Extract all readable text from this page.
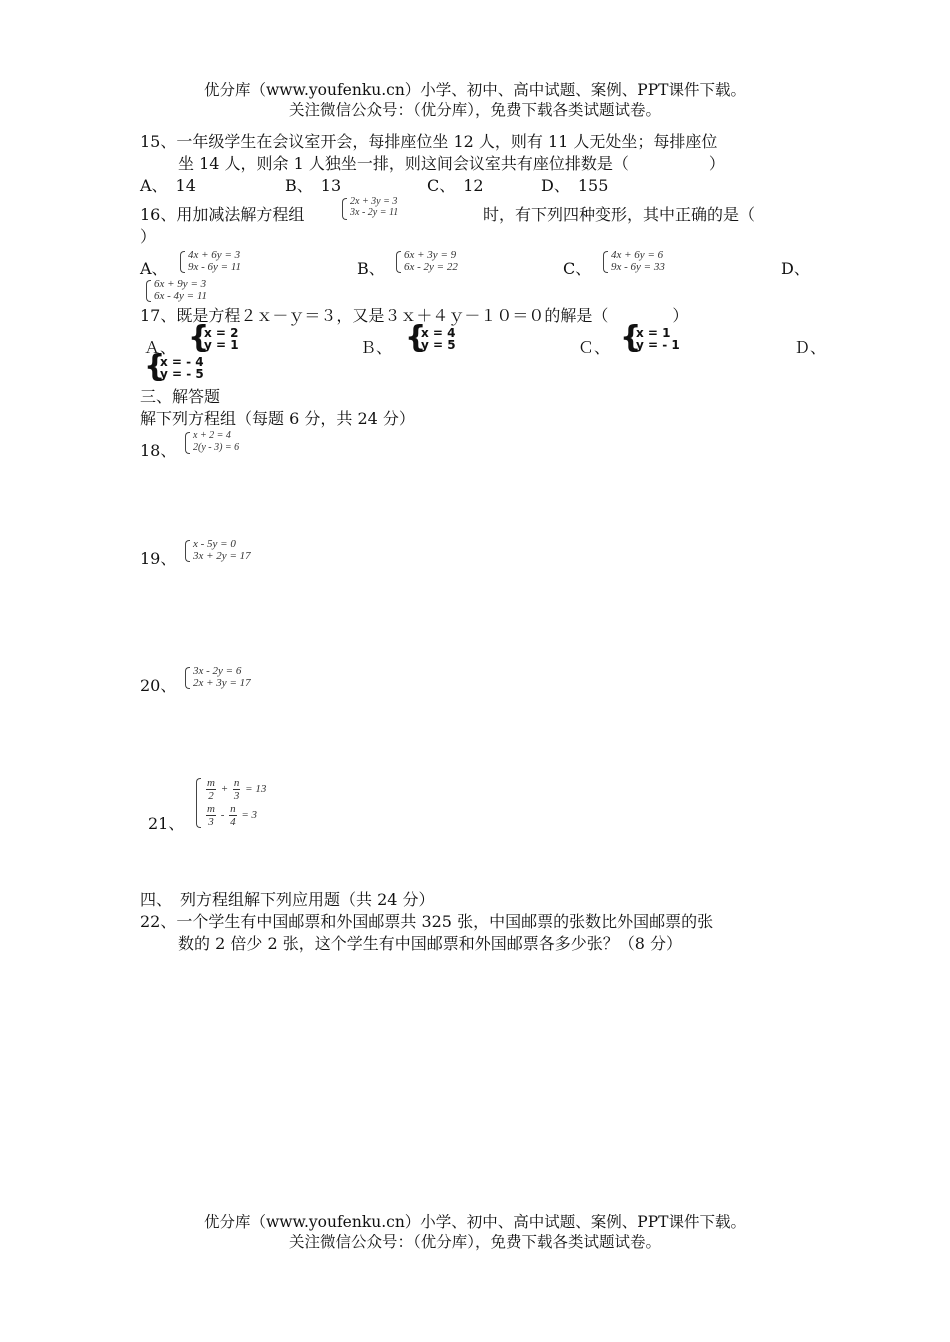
优分库（www.youfenku.cn）小学、初中、高中试题、案例、PPT课件下载。
关注微信公众号：（优分库），免费下载各类试题试卷。
15、一年级学生在会议室开会，每排座位坐 12 人，则有 11 人无处坐；每排座位
坐 14 人，则余 1 人独坐一排，则这间会议室共有座位排数是（　　　　　）
A、　14	B、　13	C、　12	D、　155
16、用加减法解方程组
2x + 3y = 3
3x - 2y = 11	时，有下列四种变形，其中正确的是（
）
A、
4x + 6y = 3
9x - 6y = 11	B、
6x + 3y = 9
6x - 2y = 22	C、
4x + 6y = 6
9x - 6y = 33	D、
6x + 9y = 3
6x - 4y = 11
17、既是方程２ｘ－ｙ＝３，又是３ｘ＋４ｙ－１０＝０的解是（　　　　）
Ａ、 {
x = 2
y = 1	Ｂ、 {
x = 4
y = 5	Ｃ、 {
x = 1
y = - 1	Ｄ、
{
x = - 4
y = - 5
三、解答题
解下列方程组（每题 6 分，共 24 分）
18、
x + 2 = 4
2(y - 3) = 6
19、
x - 5y = 0
3x + 2y = 17
20、
3x - 2y = 6
2x + 3y = 17
21、
$\frac{m}{2} + \frac{n}{3} = 13$
$\frac{m}{3} - \frac{n}{4} = 3$
四、　列方程组解下列应用题（共 24 分）
22、一个学生有中国邮票和外国邮票共 325 张，中国邮票的张数比外国邮票的张
数的 2 倍少 2 张，这个学生有中国邮票和外国邮票各多少张？（8 分）
优分库（www.youfenku.cn）小学、初中、高中试题、案例、PPT课件下载。
关注微信公众号：（优分库），免费下载各类试题试卷。
